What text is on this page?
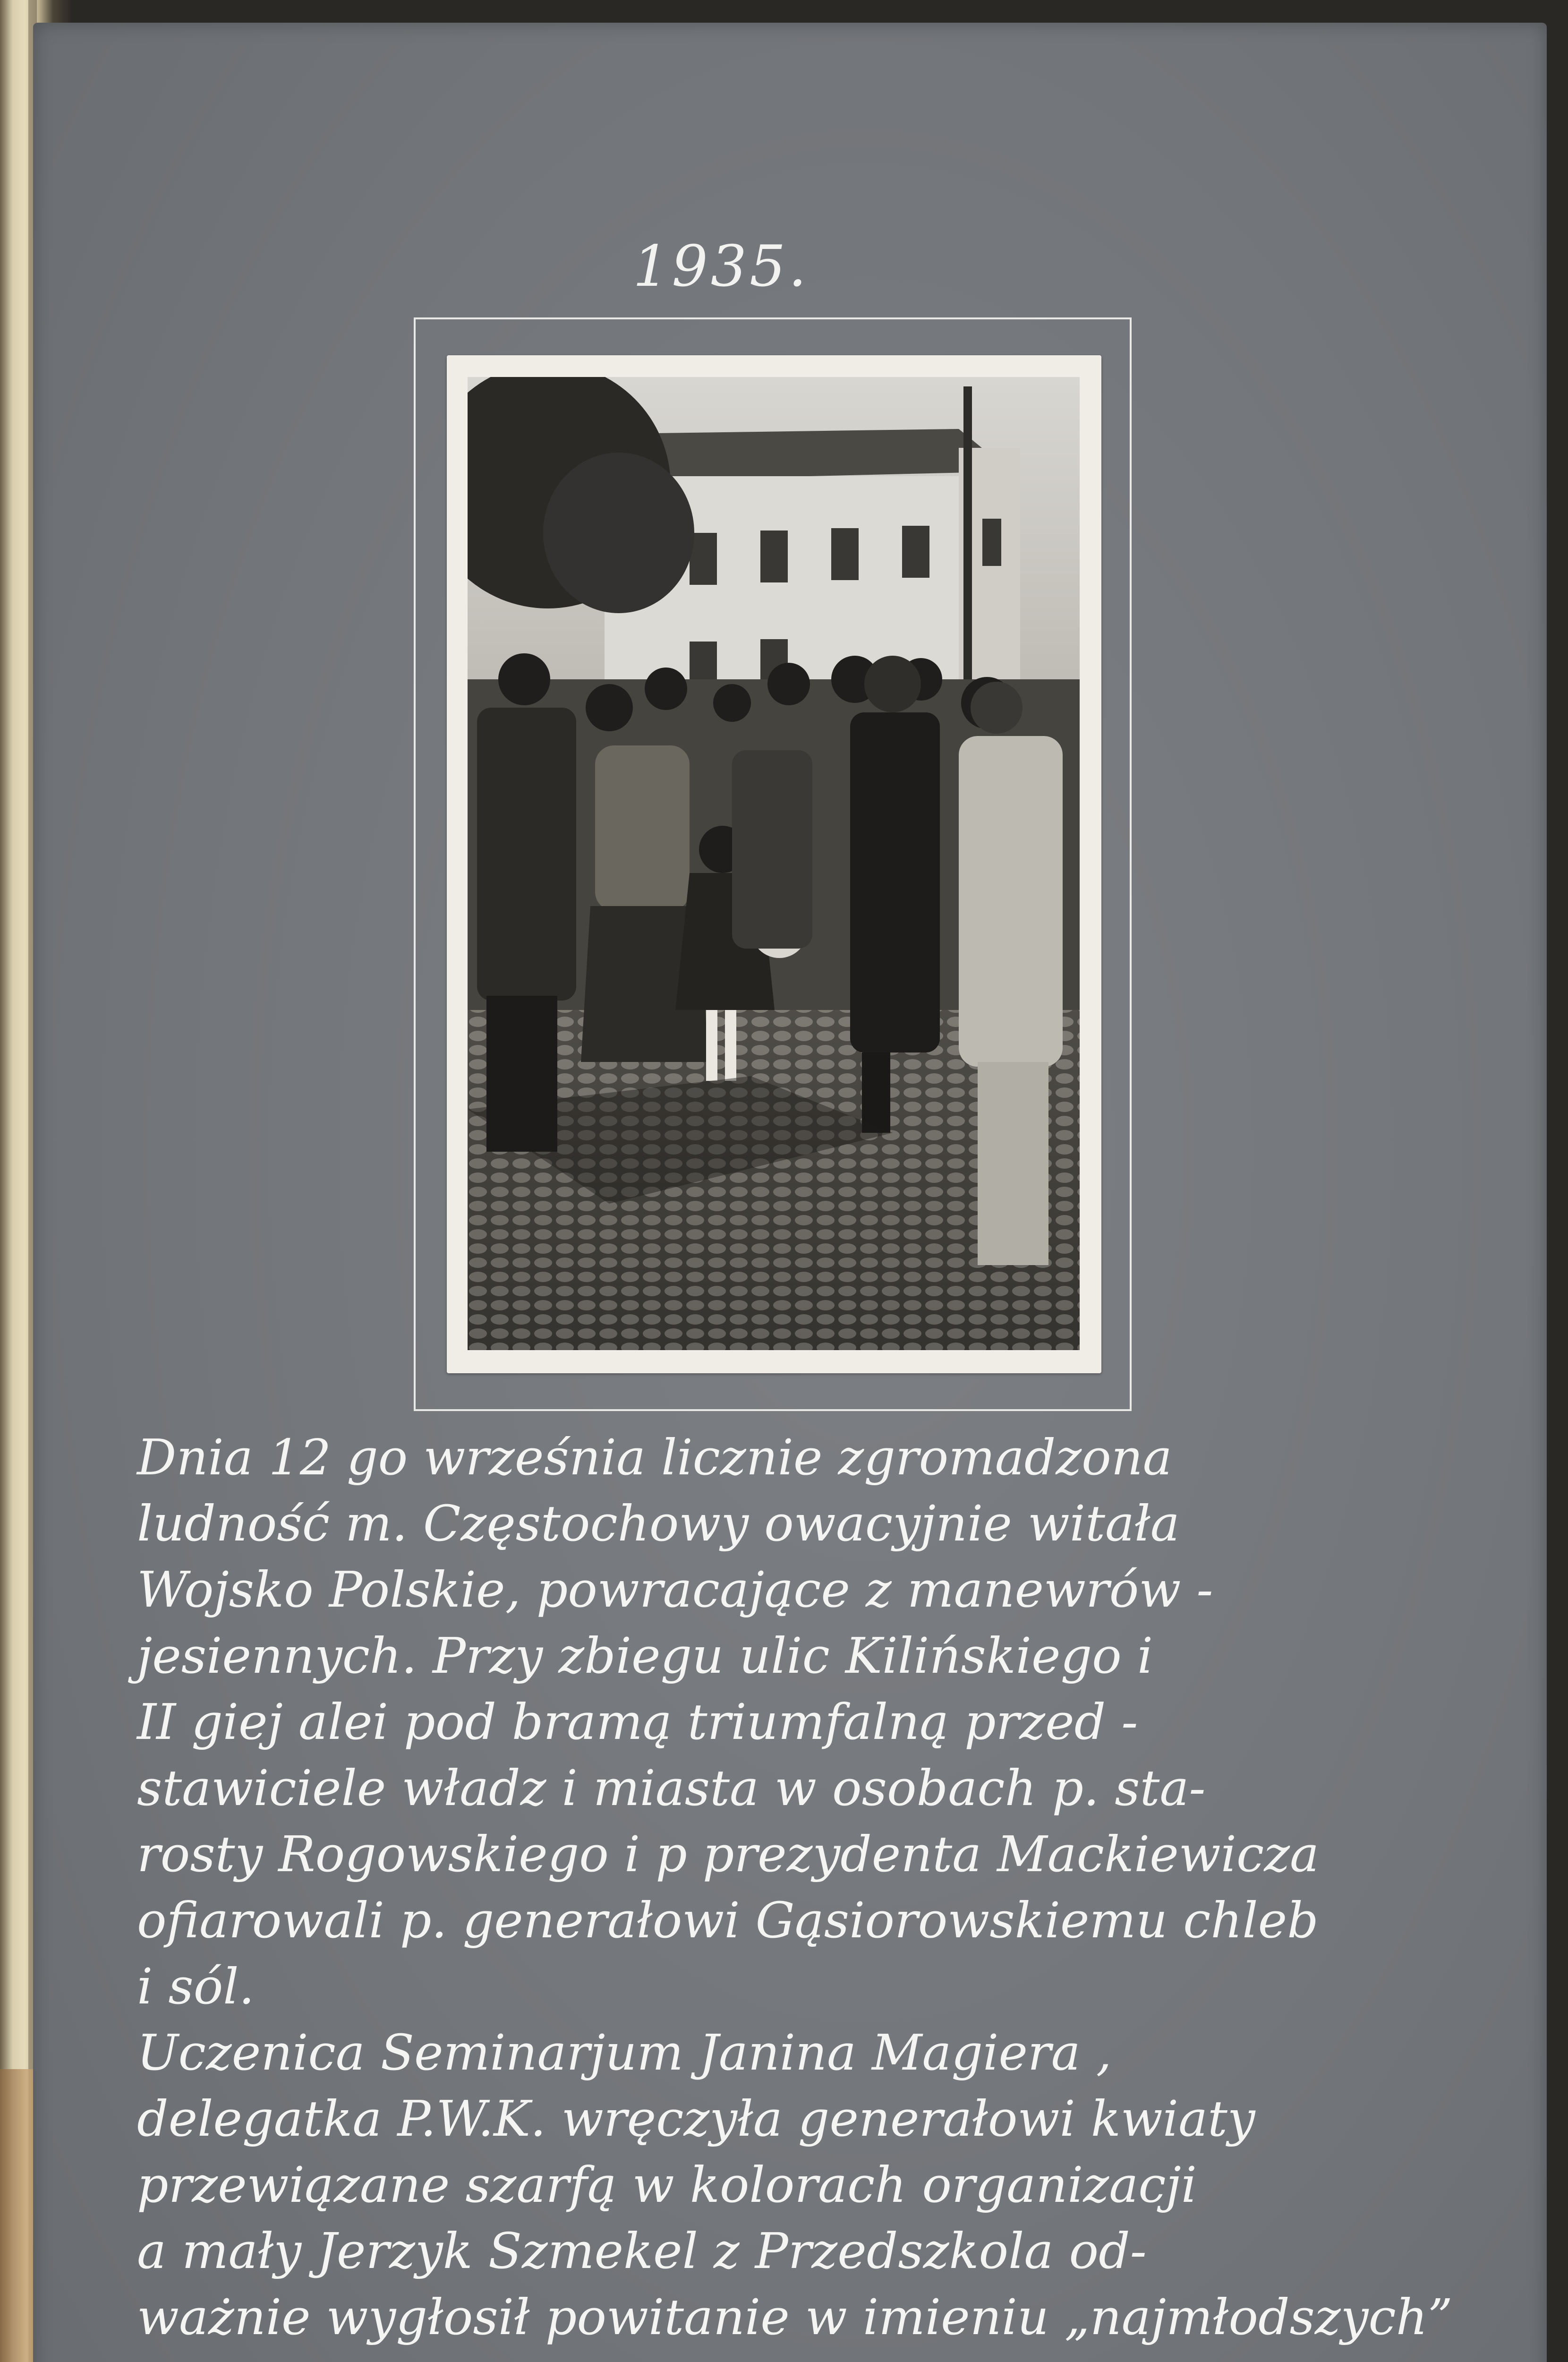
1935.
Dnia 12 go września licznie zgromadzona
ludność m. Częstochowy owacyjnie witała
Wojsko Polskie, powracające z manewrów -
jesiennych. Przy zbiegu ulic Kilińskiego i
II giej alei pod bramą triumfalną przed -
stawiciele władz i miasta w osobach p. sta-
rosty Rogowskiego i p prezydenta Mackiewicza
ofiarowali p. generałowi Gąsiorowskiemu chleb
i sól.
Uczenica Seminarjum Janina Magiera ,
delegatka P.W.K. wręczyła generałowi kwiaty
przewiązane szarfą w kolorach organizacji
a mały Jerzyk Szmekel z Przedszkola od-
ważnie wygłosił powitanie w imieniu „najmłodszych”
